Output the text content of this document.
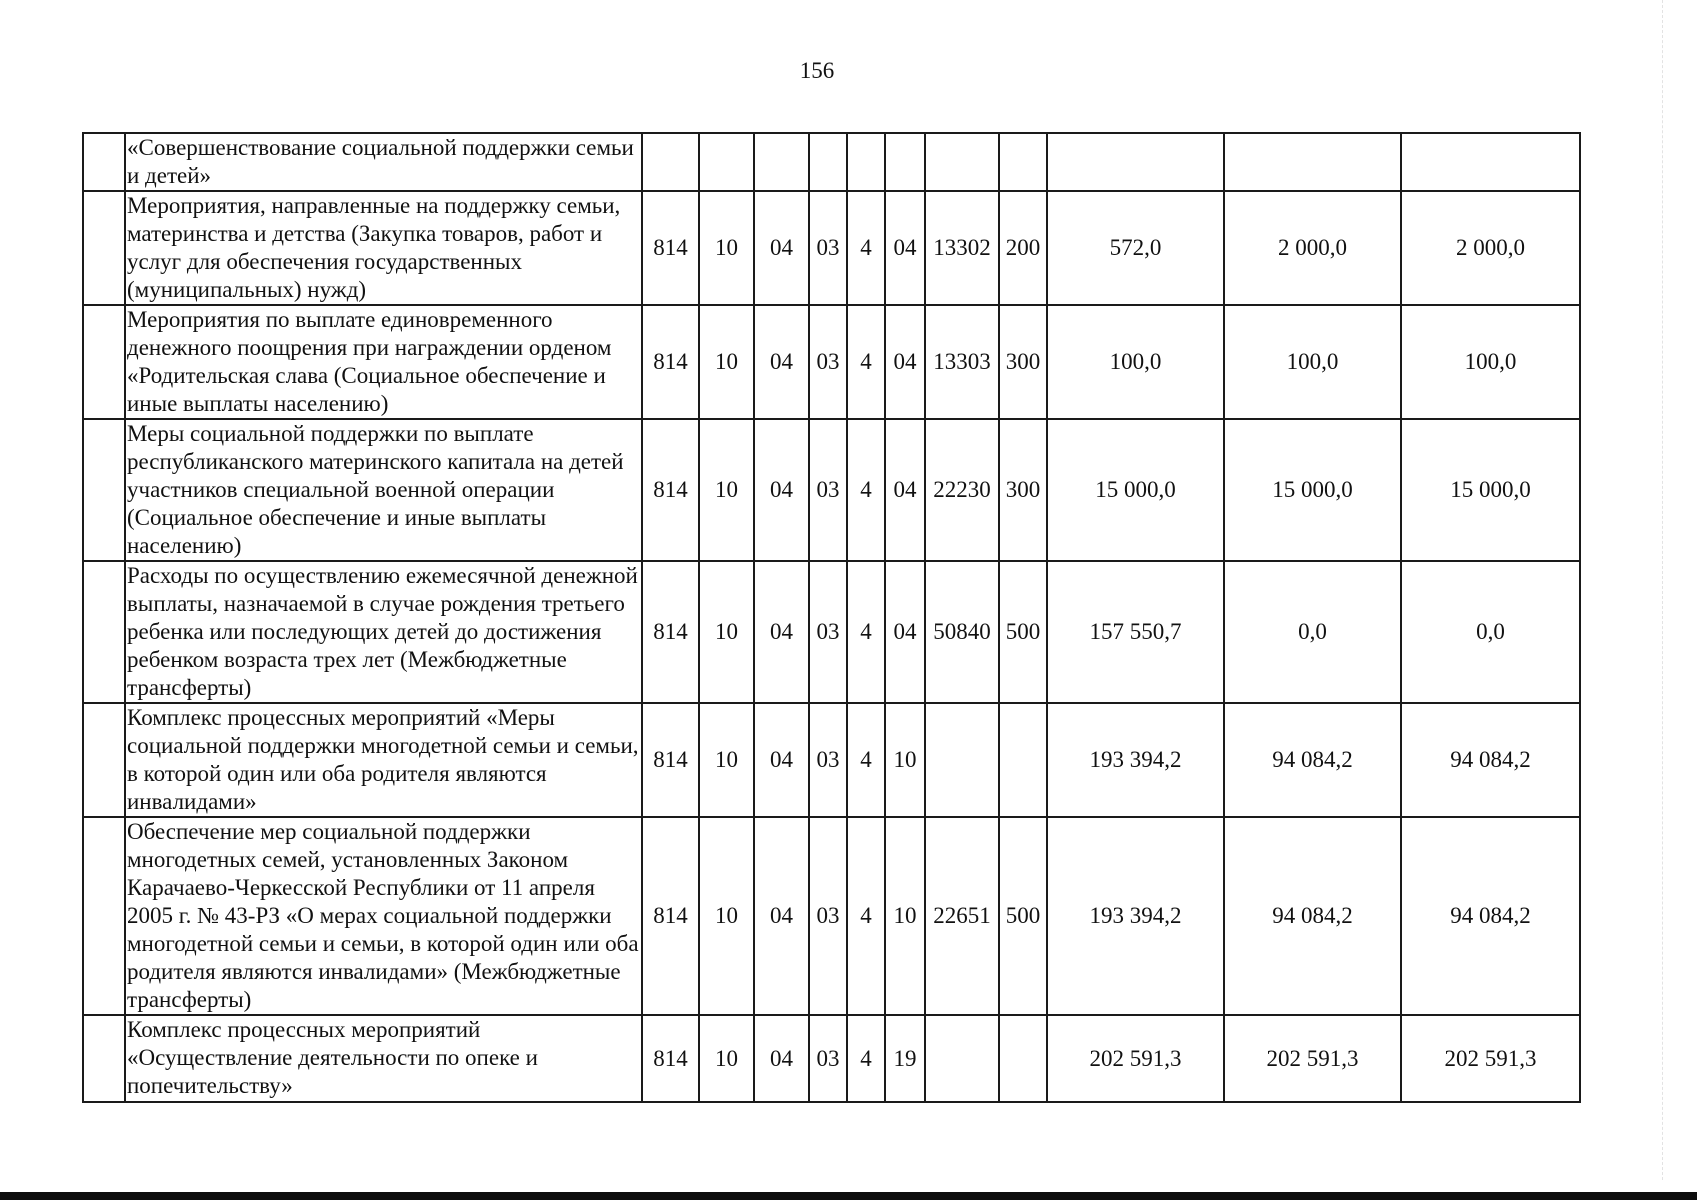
156
	«Совершенствование социальной поддержки семьи и детей»											
	Мероприятия, направленные на поддержку семьи, материнства и детства (Закупка товаров, работ и услуг для обеспечения государственных (муниципальных) нужд)	814	10	04	03	4	04	13302	200	572,0	2 000,0	2 000,0
	Мероприятия по выплате единовременного денежного поощрения при награждении орденом «Родительская слава (Социальное обеспечение и иные выплаты населению)	814	10	04	03	4	04	13303	300	100,0	100,0	100,0
	Меры социальной поддержки по выплате республиканского материнского капитала на детей участников специальной военной операции (Социальное обеспечение и иные выплаты населению)	814	10	04	03	4	04	22230	300	15 000,0	15 000,0	15 000,0
	Расходы по осуществлению ежемесячной денежной выплаты, назначаемой в случае рождения третьего ребенка или последующих детей до достижения ребенком возраста трех лет (Межбюджетные трансферты)	814	10	04	03	4	04	50840	500	157 550,7	0,0	0,0
	Комплекс процессных мероприятий «Меры социальной поддержки многодетной семьи и семьи, в которой один или оба родителя являются инвалидами»	814	10	04	03	4	10			193 394,2	94 084,2	94 084,2
	Обеспечение мер социальной поддержки многодетных семей, установленных Законом Карачаево-Черкесской Республики от 11 апреля 2005 г. № 43-РЗ «О мерах социальной поддержки многодетной семьи и семьи, в которой один или оба родителя являются инвалидами» (Межбюджетные трансферты)	814	10	04	03	4	10	22651	500	193 394,2	94 084,2	94 084,2
	Комплекс процессных мероприятий «Осуществление деятельности по опеке и попечительству»	814	10	04	03	4	19			202 591,3	202 591,3	202 591,3
